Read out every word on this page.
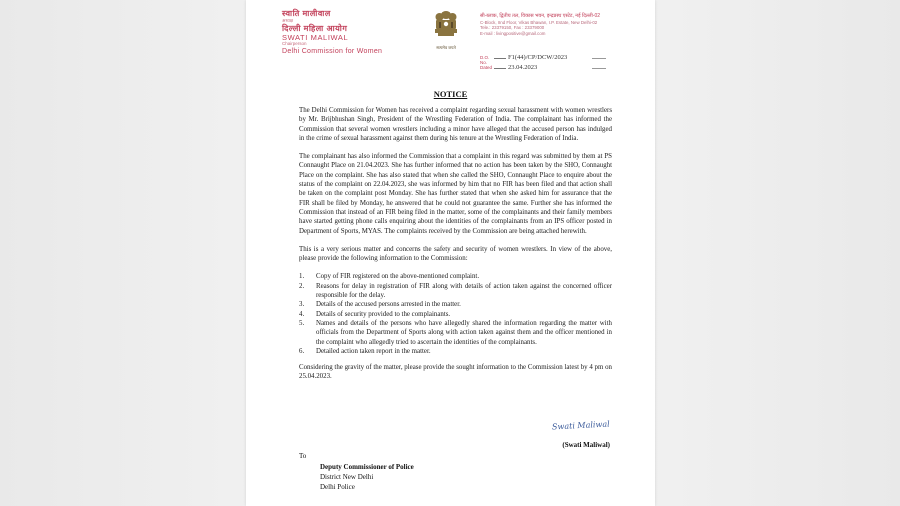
स्वाति मालीवाल
अध्यक्ष
दिल्ली महिला आयोग
SWATI MALIWAL
Chairperson
Delhi Commission for Women	सत्यमेव जयते
सी-ब्लाक, द्वितीय तल, विकास भवन, इन्द्रप्रस्थ एस्टेट, नई दिल्ली-02
C-Block, IInd Floor, Vikas Bhawan, I.P. Estate, New Delhi-02
Tele.: 23379150, Fax : 23379000
E-mail : livingpositive@gmail.com
D.O. No.
F1(44)/CP/DCW/2023
Dated	23.04.2023
NOTICE

The Delhi Commission for Women has received a complaint regarding sexual harassment with women wrestlers by Mr. Brijbhushan Singh, President of the Wrestling Federation of India. The complainant has informed the Commission that several women wrestlers including a minor have alleged that the accused person has indulged in the crime of sexual harassment against them during his tenure at the Wrestling Federation of India.

The complainant has also informed the Commission that a complaint in this regard was submitted by them at PS Connaught Place on 21.04.2023. She has further informed that no action has been taken by the SHO, Connaught Place on the complaint. She has also stated that when she called the SHO, Connaught Place to enquire about the status of the complaint on 22.04.2023, she was informed by him that no FIR has been filed and that action shall be taken on the complaint post Monday. She has further stated that when she asked him for assurance that the FIR shall be filed by Monday, he answered that he could not guarantee the same. Further she has informed the Commission that instead of an FIR being filed in the matter, some of the complainants and their family members have started getting phone calls enquiring about the identities of the complainants from an IPS officer posted in Department of Sports, MYAS. The complaints received by the Commission are being attached herewith.

This is a very serious matter and concerns the safety and security of women wrestlers. In view of the above, please provide the following information to the Commission:

1.	Copy of FIR registered on the above-mentioned complaint.
2.	Reasons for delay in registration of FIR along with details of action taken against the concerned officer responsible for the delay.
3.	Details of the accused persons arrested in the matter.
4.	Details of security provided to the complainants.
5.	Names and details of the persons who have allegedly shared the information regarding the matter with officials from the Department of Sports along with action taken against them and the officer mentioned in the complaint who allegedly tried to ascertain the identities of the complainants.
6.	Detailed action taken report in the matter.

Considering the gravity of the matter, please provide the sought information to the Commission latest by 4 pm on 25.04.2023.

Swati Maliwal
(Swati Maliwal)
To
Deputy Commissioner of Police
District New Delhi
Delhi Police
